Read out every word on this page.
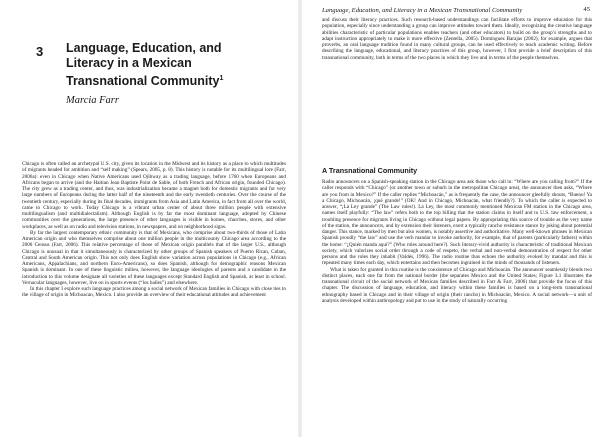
3 Language, Education, and
Literacy in a Mexican
Transnational Community$^1$
Marcia Farr

Chicago is often called an archetypal U.S. city, given its location in the Midwest and its history as a place to which multitudes of migrants headed for ambition and “self making” (Spears, 2005, p. 8). This history is notable for its multilingual lore (Farr, 2006a): even in Chicago when Native Americans used Ojibway as a trading language, before 1760 when Europeans and Africans began to arrive (and the Haitian Jean Baptiste Point de Sable, of both French and African origin, founded Chicago). The city grew as a trading center, and thus, was industrialization became a magnet both for domestic migrants and for very large numbers of Europeans during the latter half of the nineteenth and the early twentieth centuries. Over the course of the twentieth century, especially during its final decades, immigrants from Asia and Latin America, in fact from all over the world, came to Chicago to work. Today Chicago is a vibrant urban center of about three million people with extensive multilingualism (and multidialectalism). Although English is by far the most dominant language, adopted by Chinese communities over the generations, the large presence of other languages is visible in homes, churches, stores, and other workplaces, as well as on radio and television stations, in newspapers, and on neighborhood signs.

By far the largest contemporary ethnic community is that of Mexicans, who comprise about two-thirds of those of Latin American origin and who themselves comprise about one million people in the multicounty Chicago area according to the 2000 Census (Farr, 2006). This relative percentage of those of Mexican origin parallels that of the larger U.S., although Chicago is unusual in that it simultaneously is characterized by other groups of Spanish speakers of Puerto Rican, Cuban, Central and South American origin. This not only does English show variation across populations in Chicago (e.g., African Americans, Appalachians, and northern Euro-Americans), so does Spanish, although for demographic reasons Mexican Spanish is dominant. In one of these linguistic milieu, however, the language ideologies of parents and a candidate in the introduction to this volume designate all varieties of these languages except Standard English and Spanish, at least in school. Vernacular languages, however, live on in sports events (“los bailes”) and elsewhere.

In this chapter I explore such language practices among a social network of Mexican families in Chicago with close ties to the village of origin in Michoacan, Mexico. I also provide an overview of their educational attitudes and achievement

Language, Education, and Literacy in a Mexican Transnational Community	45

and discuss their literacy practices. Such research-based understandings can facilitate efforts to improve education for this population, especially since understanding a group can improve attitudes toward them. Ideally, recognizing the creative language abilities characteristic of particular populations enables teachers (and other educators) to build on the group’s strengths and to adapt instruction appropriately to make it more effective (Zentella, 2005). Domínguez Barajas (2002), for example, argues that proverbs, an oral language tradition found in many cultural groups, can be used effectively to teach academic writing. Before describing the language, educational, and literacy practices of this group, however, I first provide a brief description of this transnational community, both in terms of the two places in which they live and in terms of the people themselves.

A Transnational Community

Radio announcers on a Spanish-speaking station in the Chicago area ask those who call in: “Where are you calling from?” If the caller responds with “Chicago” (or another town or suburb in the metropolitan Chicago area), the announcer then asks, “Where are you from in Mexico?” If the caller replies “Michoacán,” as is frequently the case, the announcer gleefully shouts, “Bueno! Ya a Chicago, Michoacán, ¡qué grande!” (OK! And in Chicago, Michoacán, what friendly?). To which the caller is expected to answer, “¡La Ley grande” (The Law rules!). La Ley, the most commonly mentioned Mexican FM station in the Chicago area, names itself playfully: “The law” refers both to the top billing that the station claims in itself and to U.S. law enforcement, a troubling presence for migrants living in Chicago without legal papers. By appropriating this source of trouble as the very name of the station, the announcers, and by extension their listeners, exert a typically rancho resistance stance by joking about potential danger. This stance, marked by men but also women, is notably assertive and authoritative. Many well-known phrases in Mexican Spanish proudly “the law” and use the verb mandar to invoke authority, for example, that of parents (particularly fathers) within the home: “¿Quién manda aquí?” (Who rules around here?). Such literary-vivid authority is characteristic of traditional Mexican society, which valorizes social order through a code of respeto, the verbal and non-verbal demonstration of respect for other persons and the roles they inhabit (Valdés, 1996). The radio routine thus echoes the authority evoked by mandar and this is repeated many times each day, which entertains and then becomes ingrained in the minds of thousands of listeners.

What is taken for granted in this routine is the coexistence of Chicago and Michoacán. The announcer seamlessly blends two distinct places, each one far from the national border (the separates Mexico and the United States; Figure 3.1 illustrates the transnational circuit of the social network of Mexican families described in Farr & Farr, 2006) that provide the focus of this chapter. The discussion of language, education, and literacy within these families is based on a long-term transnational ethnography based in Chicago and in their village of origin (their rancho) in Michoacán, Mexico. A social network—a unit of analysis developed within anthropology and put to use in the study of naturally occurring
